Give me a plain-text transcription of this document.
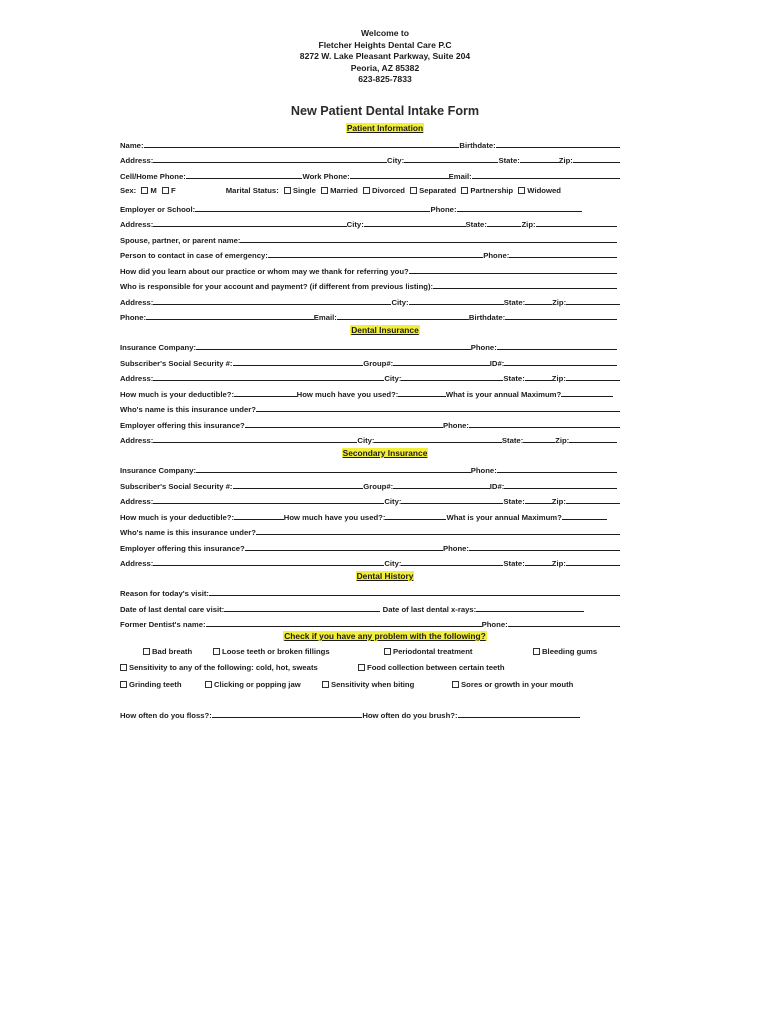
Welcome to
Fletcher Heights Dental Care P.C
8272 W. Lake Pleasant Parkway, Suite 204
Peoria, AZ 85382
623-825-7833
New Patient Dental Intake Form
Patient Information
Name:	Birthdate:
Address:	City:	State:	Zip:
Cell/Home Phone:	Work Phone:	Email:
Sex: M F	Marital Status: Single Married Divorced Separated Partnership Widowed
Employer or School:	Phone:
Address:	City:	State:	Zip:
Spouse, partner, or parent name:
Person to contact in case of emergency:	Phone:
How did you learn about our practice or whom may we thank for referring you?
Who is responsible for your account and payment? (if different from previous listing):
Address:	City:	State:	Zip:
Phone:	Email:	Birthdate:
Dental Insurance
Insurance Company:	Phone:
Subscriber's Social Security #:	Group#:	ID#:
Address:	City:	State:	Zip:
How much is your deductible?:	How much have you used?:	What is your annual Maximum?
Who's name is this insurance under?
Employer offering this insurance?	Phone:
Address:	City:	State:	Zip:
Secondary Insurance
Insurance Company:	Phone:
Subscriber's Social Security #:	Group#:	ID#:
Address:	City:	State:	Zip:
How much is your deductible?:	How much have you used?:	What is your annual Maximum?
Who's name is this insurance under?
Employer offering this insurance?	Phone:
Address:	City:	State:	Zip:
Dental History
Reason for today's visit:
Date of last dental care visit:	Date of last dental x-rays:
Former Dentist's name:	Phone:
Check if you have any problem with the following?
Bad breath	Loose teeth or broken fillings	Periodontal treatment	Bleeding gums
Sensitivity to any of the following: cold, hot, sweats	Food collection between certain teeth
Grinding teeth	Clicking or popping jaw	Sensitivity when biting	Sores or growth in your mouth
How often do you floss?:	How often do you brush?:
